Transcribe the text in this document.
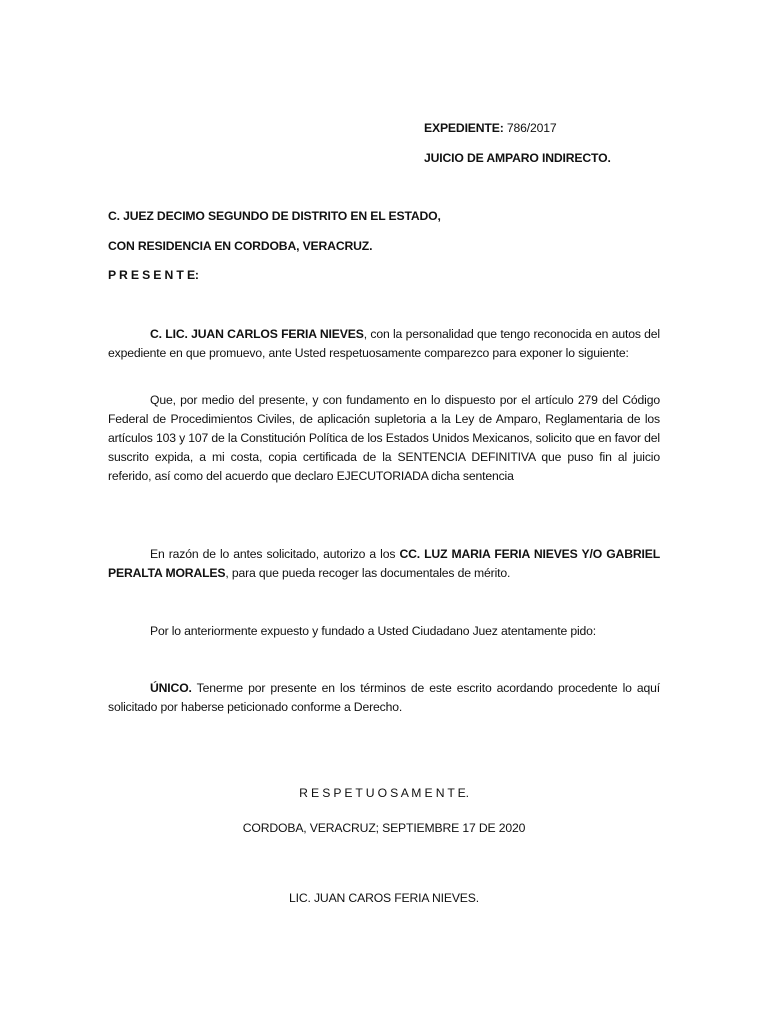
EXPEDIENTE: 786/2017
JUICIO DE AMPARO INDIRECTO.
C. JUEZ DECIMO SEGUNDO DE DISTRITO EN EL ESTADO,
CON RESIDENCIA EN CORDOBA, VERACRUZ.
P R E S E N T E:
C. LIC. JUAN CARLOS FERIA NIEVES, con la personalidad que tengo reconocida en autos del expediente en que promuevo, ante Usted respetuosamente comparezco para exponer lo siguiente:
Que, por medio del presente, y con fundamento en lo dispuesto por el artículo 279 del Código Federal de Procedimientos Civiles, de aplicación supletoria a la Ley de Amparo, Reglamentaria de los artículos 103 y 107 de la Constitución Política de los Estados Unidos Mexicanos, solicito que en favor del suscrito expida, a mi costa, copia certificada de la SENTENCIA DEFINITIVA que puso fin al juicio referido, así como del acuerdo que declaro EJECUTORIADA dicha sentencia
En razón de lo antes solicitado, autorizo a los CC. LUZ MARIA FERIA NIEVES Y/O GABRIEL PERALTA MORALES, para que pueda recoger las documentales de mérito.
Por lo anteriormente expuesto y fundado a Usted Ciudadano Juez atentamente pido:
ÚNICO. Tenerme por presente en los términos de este escrito acordando procedente lo aquí solicitado por haberse peticionado conforme a Derecho.
R E S P E T U O S A M E N T E.
CORDOBA, VERACRUZ; SEPTIEMBRE 17 DE 2020
LIC. JUAN CAROS FERIA NIEVES.
